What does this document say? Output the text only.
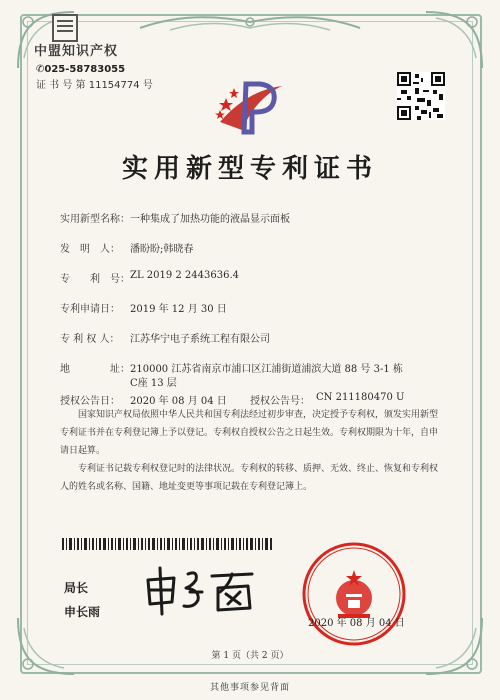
中盟知识产权
✆025-58783055
证 书 号 第 11154774 号
实用新型专利证书
实用新型名称： 一种集成了加热功能的液晶显示面板
发　明　人： 潘盼盼;韩晓春
专　　利　号： ZL 2019 2 2443636.4
专利申请日： 2019 年 12 月 30 日
专 利 权 人： 江苏华宁电子系统工程有限公司
地　　　　址： 210000 江苏省南京市浦口区江浦街道浦滨大道 88 号 3-1 栋
C座 13 层
授权公告日： 2020 年 08 月 04 日 授权公告号： CN 211180470 U

国家知识产权局依照中华人民共和国专利法经过初步审查，决定授予专利权，颁发实用新型专利证书并在专利登记簿上予以登记。专利权自授权公告之日起生效。专利权期限为十年，自申请日起算。

专利证书记载专利权登记时的法律状况。专利权的转移、质押、无效、终止、恢复和专利权人的姓名或名称、国籍、地址变更等事项记载在专利登记簿上。

局长
申长雨
2020 年 08 月 04 日
第 1 页（共 2 页）
其他事项参见背面
